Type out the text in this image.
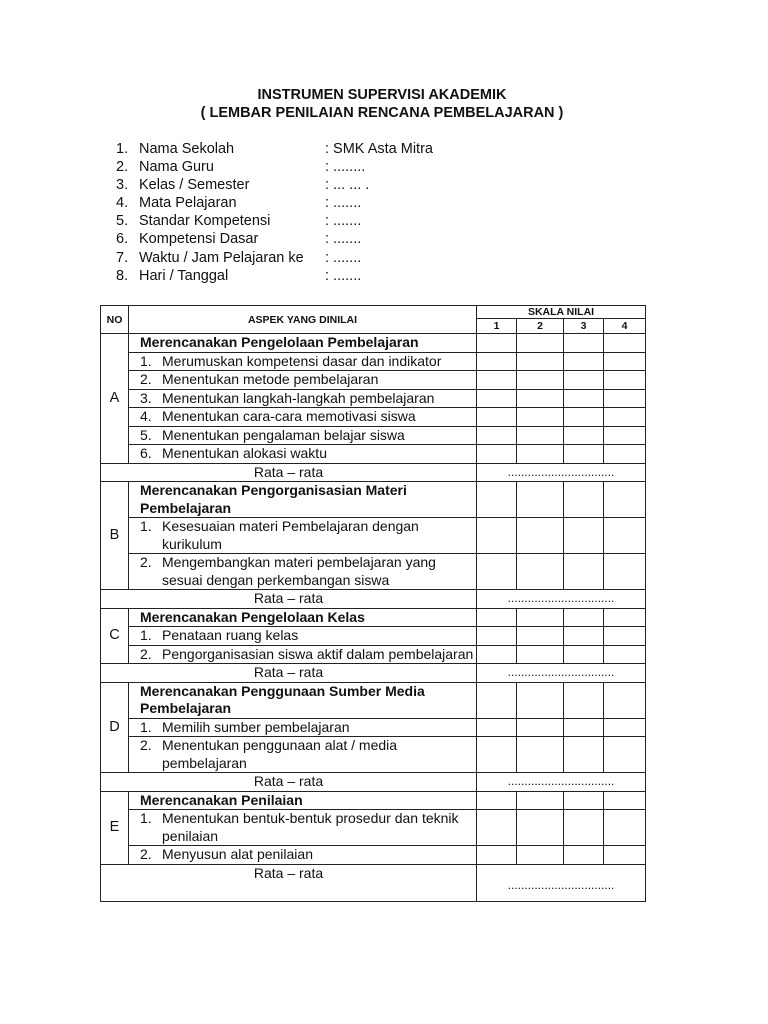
INSTRUMEN SUPERVISI AKADEMIK
( LEMBAR PENILAIAN RENCANA PEMBELAJARAN )
1. Nama Sekolah	: SMK Asta Mitra
2. Nama Guru	: ........
3. Kelas / Semester	: ... ... .
4. Mata Pelajaran	: .......
5. Standar Kompetensi	: .......
6. Kompetensi Dasar	: .......
7. Waktu / Jam Pelajaran ke	: .......
8. Hari / Tanggal	: .......
NO	ASPEK YANG DINILAI	SKALA NILAI			
		1	2	3	4
A	Merencanakan Pengelolaan Pembelajaran				

	1. Merumuskan kompetensi dasar dan indikator				

	2. Menentukan metode pembelajaran				

	3. Menentukan langkah-langkah pembelajaran				

	4. Menentukan cara-cara memotivasi siswa				

	5. Menentukan pengalaman belajar siswa				

	6. Menentukan alokasi waktu				

Rata – rata		................................			
B	Merencanakan Pengorganisasian Materi Pembelajaran				

	1. Kesesuaian materi Pembelajaran dengan kurikulum				

	2. Mengembangkan materi pembelajaran yang sesuai dengan perkembangan siswa				

Rata – rata		................................			
C	Merencanakan Pengelolaan Kelas				

	1. Penataan ruang kelas				

	2. Pengorganisasian siswa aktif dalam pembelajaran				

Rata – rata		................................			
D	Merencanakan Penggunaan Sumber Media Pembelajaran				

	1. Memilih sumber pembelajaran				

	2. Menentukan penggunaan alat / media pembelajaran				

Rata – rata		................................			
E	Merencanakan Penilaian				

	1. Menentukan bentuk-bentuk prosedur dan teknik penilaian				

	2. Menyusun alat penilaian				

Rata – rata		................................			
